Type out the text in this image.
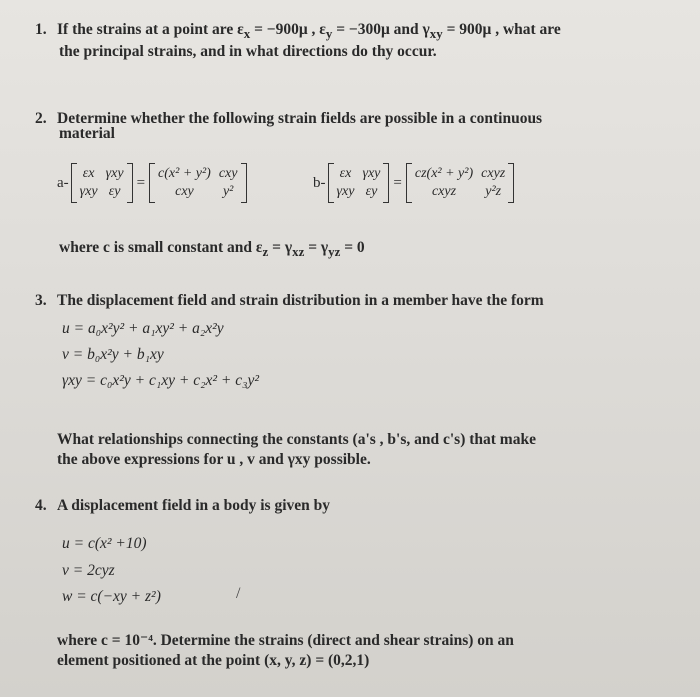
1. If the strains at a point are $\varepsilon_x = -900\mu$ , $\varepsilon_y = -300\mu$ and $\gamma_{xy} = 900\mu$ , what are
the principal strains, and in what directions do thy occur.
2. Determine whether the following strain fields are possible in a continuous
material
a-
εx γxy
γxy εy
=
c(x² + y²) cxy
cxy	y²
b-
εx γxy
γxy εy
=
cz(x² + y²) cxyz
cxyz	y²z
where c is small constant and $\varepsilon_z = \gamma_{xz} = \gamma_{yz} = 0$
3. The displacement field and strain distribution in a member have the form
u = a₀x²y² + a₁xy² + a₂x²y
v = b₀x²y + b₁xy
γxy = c₀x²y + c₁xy + c₂x² + c₃y²
What relationships connecting the constants (a's , b's, and c's) that make
the above expressions for u , v and γxy possible.
4. A displacement field in a body is given by
u = c(x² +10)
v = 2cyz
w = c(−xy + z²)	/
where c = 10⁻⁴. Determine the strains (direct and shear strains) on an
element positioned at the point (x, y, z) = (0,2,1)
